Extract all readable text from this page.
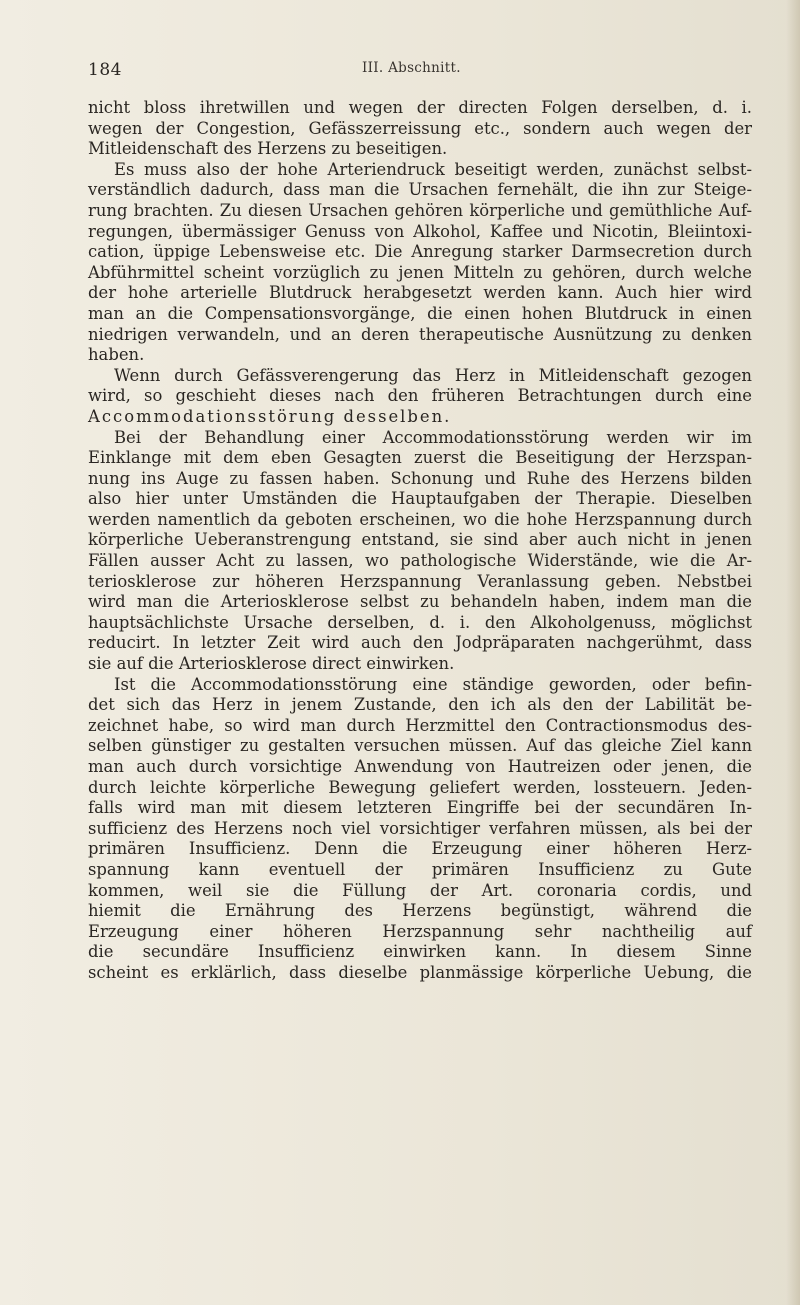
184	III. Abschnitt.
nicht bloss ihretwillen und wegen der directen Folgen derselben, d. i.
wegen der Congestion, Gefässzerreissung etc., sondern auch wegen der
Mitleidenschaft des Herzens zu beseitigen.
Es muss also der hohe Arteriendruck beseitigt werden, zunächst selbst-
verständlich dadurch, dass man die Ursachen fernehält, die ihn zur Steige-
rung brachten. Zu diesen Ursachen gehören körperliche und gemüthliche Auf-
regungen, übermässiger Genuss von Alkohol, Kaffee und Nicotin, Bleiintoxi-
cation, üppige Lebensweise etc. Die Anregung starker Darmsecretion durch
Abführmittel scheint vorzüglich zu jenen Mitteln zu gehören, durch welche
der hohe arterielle Blutdruck herabgesetzt werden kann. Auch hier wird
man an die Compensationsvorgänge, die einen hohen Blutdruck in einen
niedrigen verwandeln, und an deren therapeutische Ausnützung zu denken
haben.
Wenn durch Gefässverengerung das Herz in Mitleidenschaft gezogen
wird, so geschieht dieses nach den früheren Betrachtungen durch eine
Accommodationsstörung desselben.
Bei der Behandlung einer Accommodationsstörung werden wir im
Einklange mit dem eben Gesagten zuerst die Beseitigung der Herzspan-
nung ins Auge zu fassen haben. Schonung und Ruhe des Herzens bilden
also hier unter Umständen die Hauptaufgaben der Therapie. Dieselben
werden namentlich da geboten erscheinen, wo die hohe Herzspannung durch
körperliche Ueberanstrengung entstand, sie sind aber auch nicht in jenen
Fällen ausser Acht zu lassen, wo pathologische Widerstände, wie die Ar-
teriosklerose zur höheren Herzspannung Veranlassung geben. Nebstbei
wird man die Arteriosklerose selbst zu behandeln haben, indem man die
hauptsächlichste Ursache derselben, d. i. den Alkoholgenuss, möglichst
reducirt. In letzter Zeit wird auch den Jodpräparaten nachgerühmt, dass
sie auf die Arteriosklerose direct einwirken.
Ist die Accommodationsstörung eine ständige geworden, oder befin-
det sich das Herz in jenem Zustande, den ich als den der Labilität be-
zeichnet habe, so wird man durch Herzmittel den Contractionsmodus des-
selben günstiger zu gestalten versuchen müssen. Auf das gleiche Ziel kann
man auch durch vorsichtige Anwendung von Hautreizen oder jenen, die
durch leichte körperliche Bewegung geliefert werden, lossteuern. Jeden-
falls wird man mit diesem letzteren Eingriffe bei der secundären In-
sufficienz des Herzens noch viel vorsichtiger verfahren müssen, als bei der
primären Insufficienz. Denn die Erzeugung einer höheren Herz-
spannung kann eventuell der primären Insufficienz zu Gute
kommen, weil sie die Füllung der Art. coronaria cordis, und
hiemit die Ernährung des Herzens begünstigt, während die
Erzeugung einer höheren Herzspannung sehr nachtheilig auf
die secundäre Insufficienz einwirken kann. In diesem Sinne
scheint es erklärlich, dass dieselbe planmässige körperliche Uebung, die
